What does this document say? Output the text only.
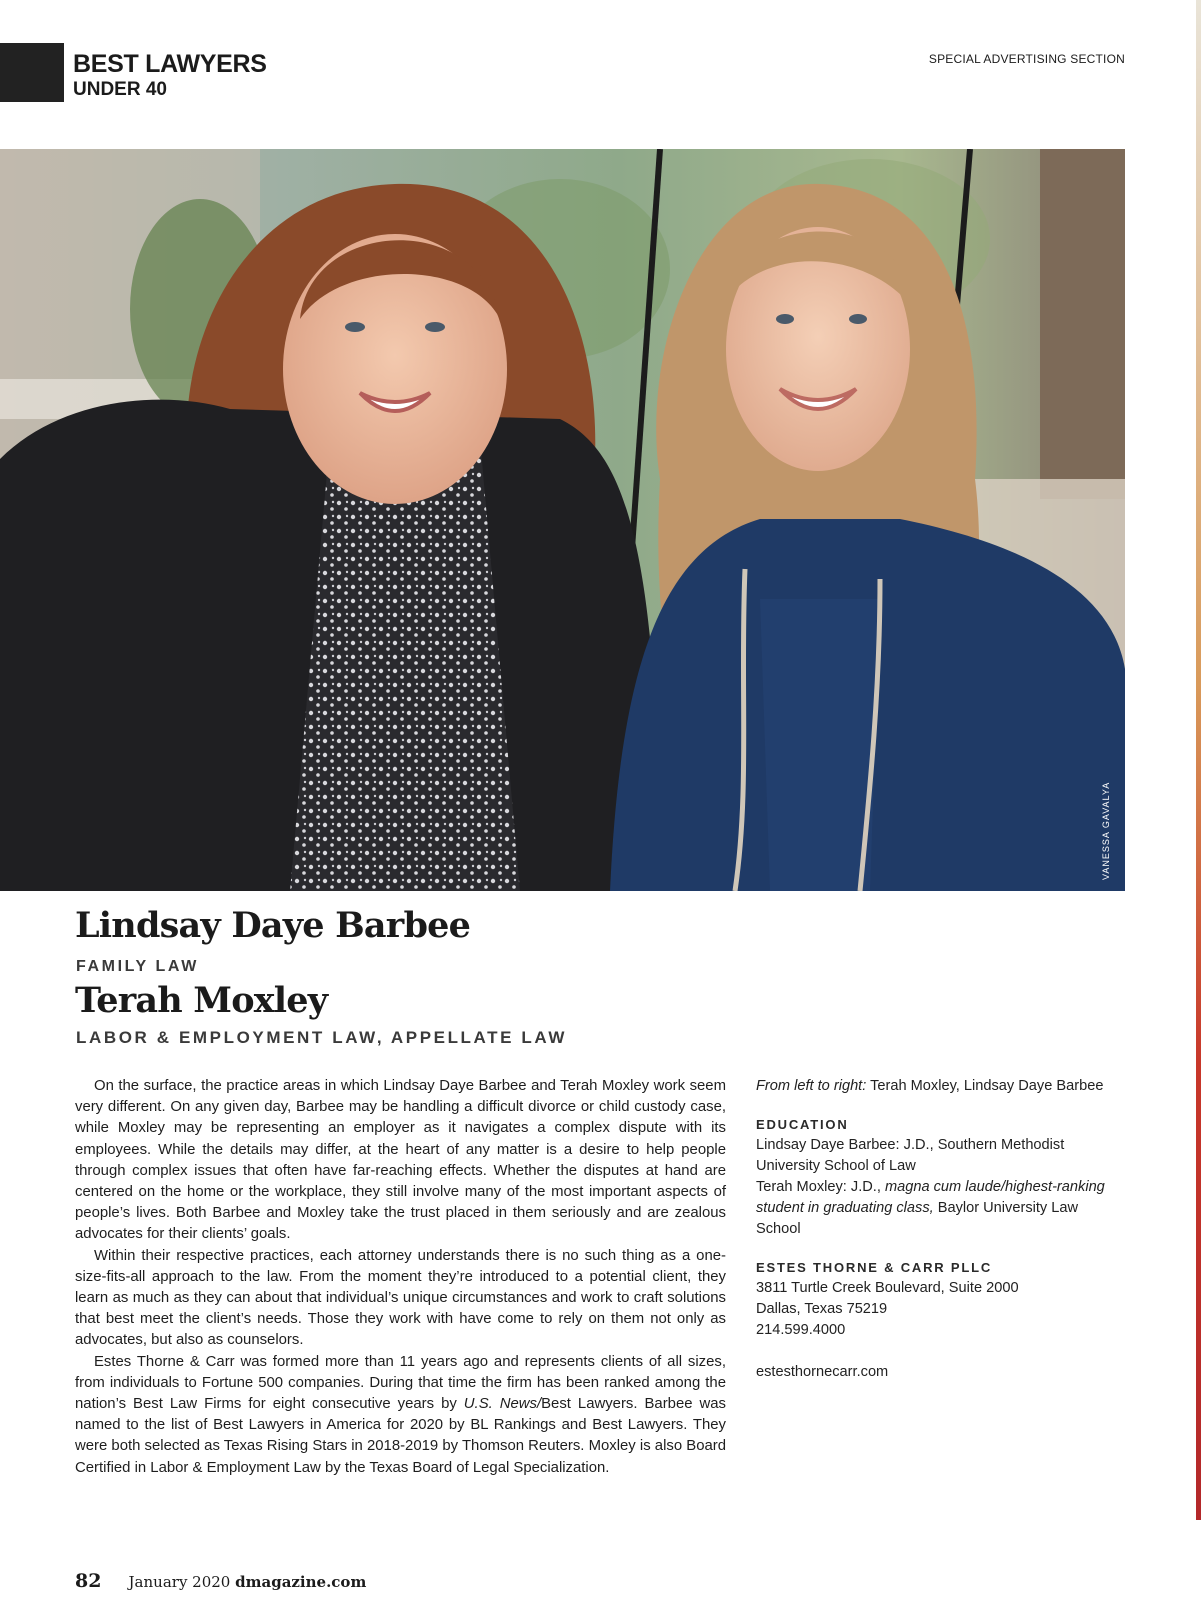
BEST LAWYERS
UNDER 40
SPECIAL ADVERTISING SECTION
VANESSA GAVALYA
Lindsay Daye Barbee
FAMILY LAW
Terah Moxley
LABOR & EMPLOYMENT LAW, APPELLATE LAW

On the surface, the practice areas in which Lindsay Daye Barbee and Terah Moxley work seem very different. On any given day, Barbee may be handling a difficult divorce or child custody case, while Moxley may be representing an employer as it navigates a complex dispute with its employees. While the details may differ, at the heart of any matter is a desire to help people through complex issues that often have far-reaching effects. Whether the disputes at hand are centered on the home or the workplace, they still involve many of the most important aspects of people’s lives. Both Barbee and Moxley take the trust placed in them seriously and are zealous advocates for their clients’ goals.

Within their respective practices, each attorney understands there is no such thing as a one-size-fits-all approach to the law. From the moment they’re introduced to a potential client, they learn as much as they can about that individual’s unique circumstances and work to craft solutions that best meet the client’s needs. Those they work with have come to rely on them not only as advocates, but also as counselors.

Estes Thorne & Carr was formed more than 11 years ago and represents clients of all sizes, from individuals to Fortune 500 companies. During that time the firm has been ranked among the nation’s Best Law Firms for eight consecutive years by U.S. News/Best Lawyers. Barbee was named to the list of Best Lawyers in America for 2020 by BL Rankings and Best Lawyers. They were both selected as Texas Rising Stars in 2018-2019 by Thomson Reuters. Moxley is also Board Certified in Labor & Employment Law by the Texas Board of Legal Specialization.

From left to right: Terah Moxley, Lindsay Daye Barbee

EDUCATION

Lindsay Daye Barbee: J.D., Southern Methodist University School of Law

Terah Moxley: J.D., magna cum laude/highest-ranking student in graduating class, Baylor University Law School

ESTES THORNE & CARR PLLC

3811 Turtle Creek Boulevard, Suite 2000

Dallas, Texas 75219

214.599.4000

estesthornecarr.com

82 January 2020 dmagazine.com
